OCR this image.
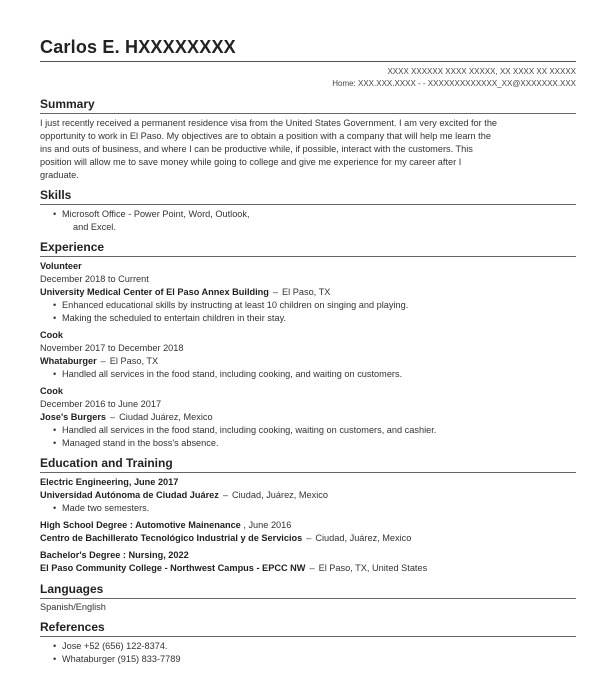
Carlos E. HXXXXXXXX
XXXX XXXXXX XXXX XXXXX, XX XXXX XX XXXXX
Home: XXX.XXX.XXXX - - XXXXXXXXXXXXX_XX@XXXXXXX.XXX
Summary
I just recently received a permanent residence visa from the United States Government. I am very excited for the
opportunity to work in El Paso. My objectives are to obtain a position with a company that will help me learn the
ins and outs of business, and where I can be productive while, if possible, interact with the customers. This
position will allow me to save money while going to college and give me experience for my career after I
graduate.
Skills
• Microsoft Office - Power Point, Word, Outlook,
and Excel.
Experience
Volunteer
December 2018 to Current
University Medical Center of El Paso Annex Building – El Paso, TX
• Enhanced educational skills by instructing at least 10 children on singing and playing.
• Making the scheduled to entertain children in their stay.
Cook
November 2017 to December 2018
Whataburger – El Paso, TX
• Handled all services in the food stand, including cooking, and waiting on customers.
Cook
December 2016 to June 2017
Jose's Burgers – Ciudad Juárez, Mexico
• Handled all services in the food stand, including cooking, waiting on customers, and cashier.
• Managed stand in the boss's absence.
Education and Training
Electric Engineering, June 2017
Universidad Autónoma de Ciudad Juárez – Ciudad, Juárez, Mexico
• Made two semesters.
High School Degree : Automotive Mainenance , June 2016
Centro de Bachillerato Tecnológico Industrial y de Servicios – Ciudad, Juárez, Mexico
Bachelor's Degree : Nursing, 2022
El Paso Community College - Northwest Campus - EPCC NW – El Paso, TX, United States
Languages
Spanish/English
References
• Jose +52 (656) 122-8374.
• Whataburger (915) 833-7789
